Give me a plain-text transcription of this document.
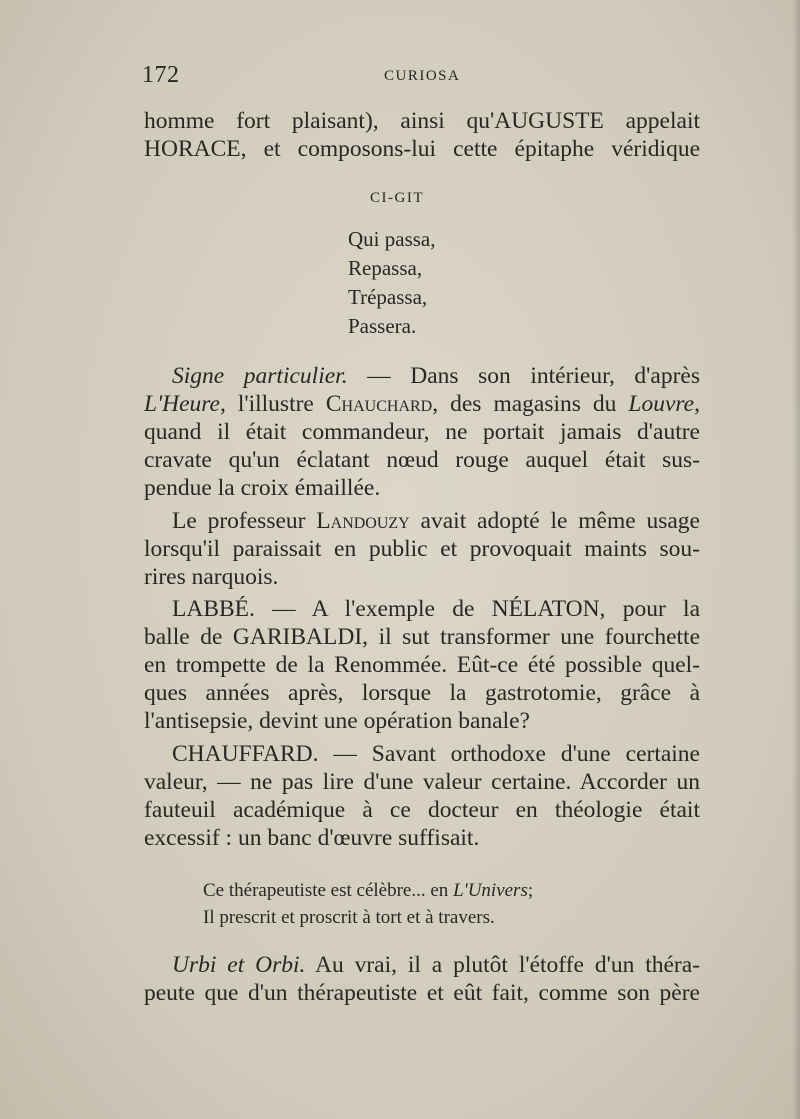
172	CURIOSA
homme fort plaisant), ainsi qu'AUGUSTE appelait
HORACE, et composons-lui cette épitaphe véridique
CI-GIT
Qui passa,
Repassa,
Trépassa,
Passera.
Signe particulier. — Dans son intérieur, d'après
L'Heure, l'illustre Chauchard, des magasins du Louvre,
quand il était commandeur, ne portait jamais d'autre
cravate qu'un éclatant nœud rouge auquel était sus-
pendue la croix émaillée.
Le professeur Landouzy avait adopté le même usage
lorsqu'il paraissait en public et provoquait maints sou-
rires narquois.
LABBÉ. — A l'exemple de NÉLATON, pour la
balle de GARIBALDI, il sut transformer une fourchette
en trompette de la Renommée. Eût-ce été possible quel-
ques années après, lorsque la gastrotomie, grâce à
l'antisepsie, devint une opération banale?
CHAUFFARD. — Savant orthodoxe d'une certaine
valeur, — ne pas lire d'une valeur certaine. Accorder un
fauteuil académique à ce docteur en théologie était
excessif : un banc d'œuvre suffisait.
Ce thérapeutiste est célèbre... en L'Univers;
Il prescrit et proscrit à tort et à travers.
Urbi et Orbi. Au vrai, il a plutôt l'étoffe d'un théra-
peute que d'un thérapeutiste et eût fait, comme son père
